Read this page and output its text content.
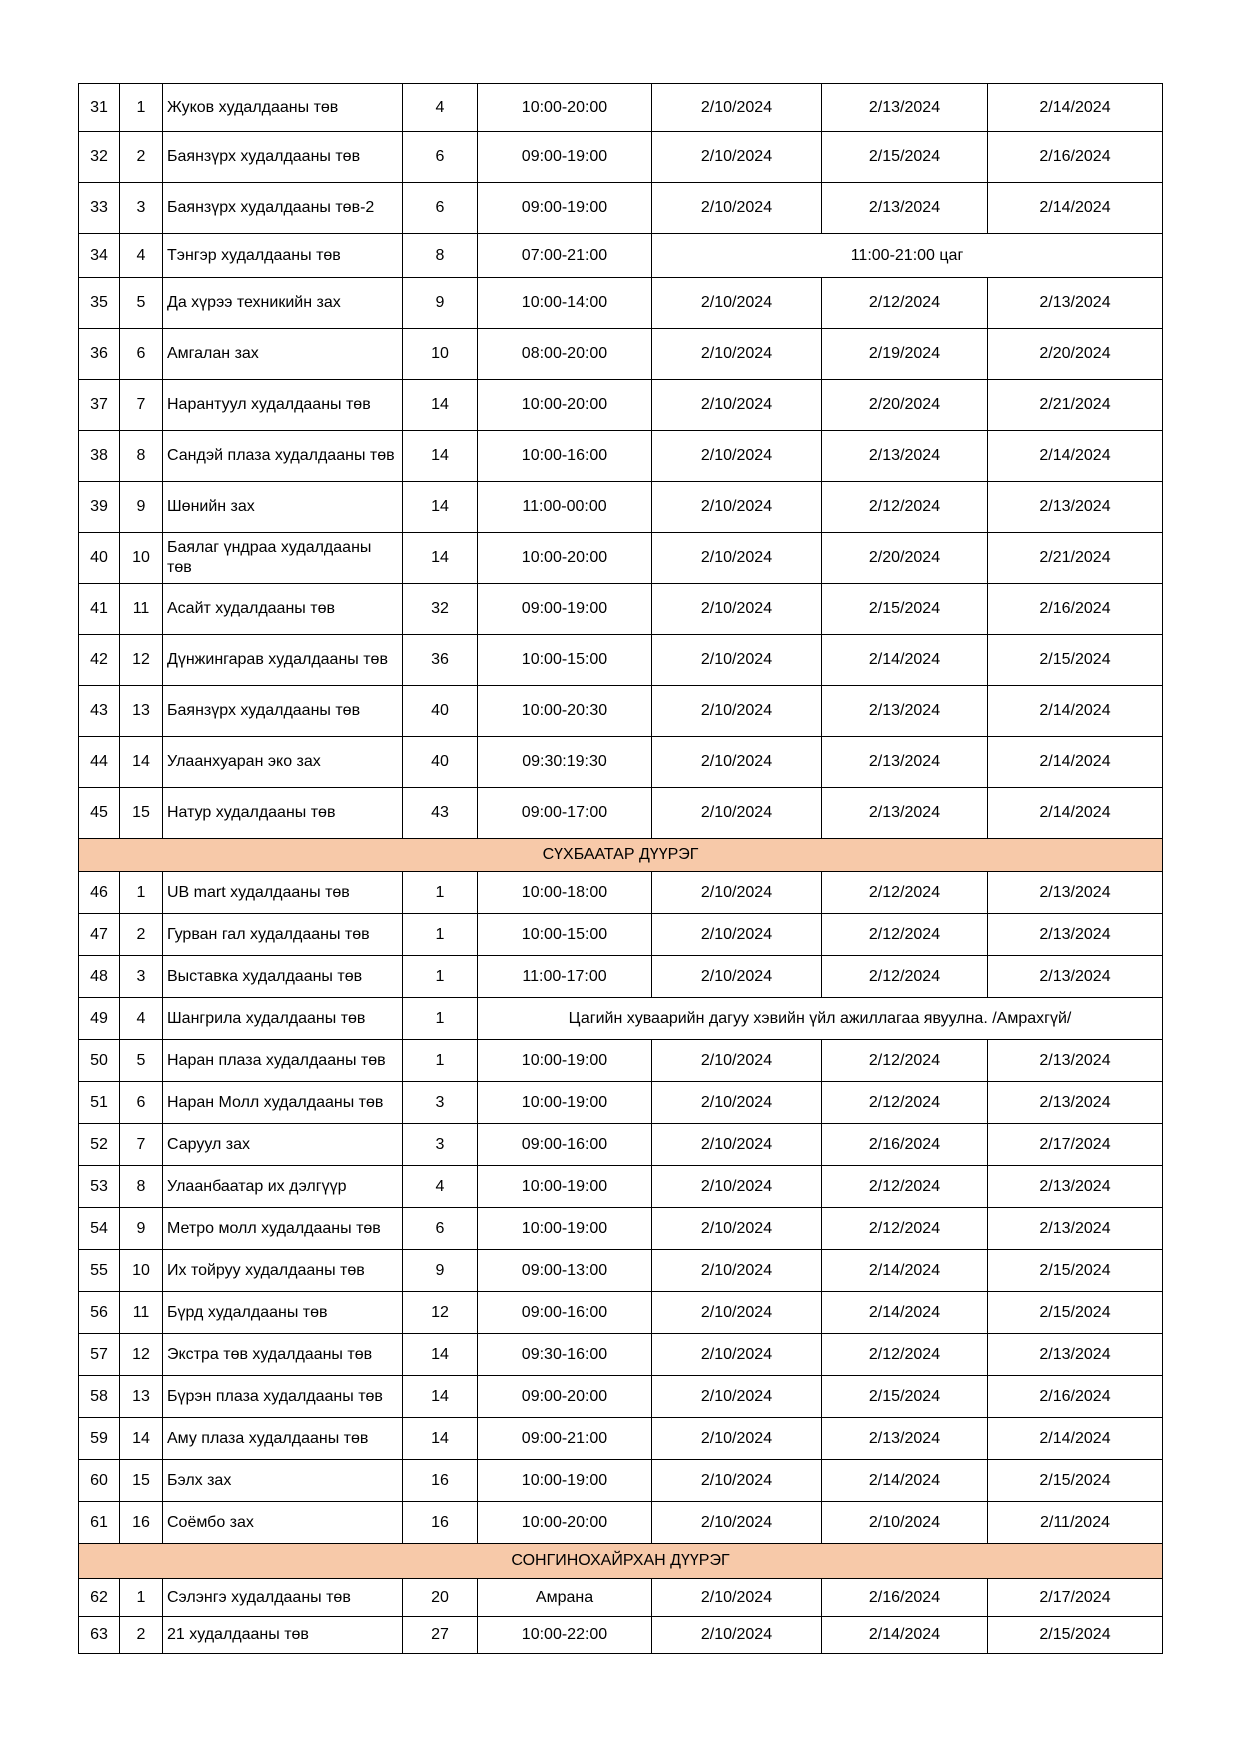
31	1	Жуков худалдааны төв	4	10:00-20:00	2/10/2024	2/13/2024	2/14/2024
32	2	Баянзүрх худалдааны төв	6	09:00-19:00	2/10/2024	2/15/2024	2/16/2024
33	3	Баянзүрх худалдааны төв-2	6	09:00-19:00	2/10/2024	2/13/2024	2/14/2024
34	4	Тэнгэр худалдааны төв	8	07:00-21:00	11:00-21:00 цаг		
35	5	Да хүрээ техникийн зах	9	10:00-14:00	2/10/2024	2/12/2024	2/13/2024
36	6	Амгалан зах	10	08:00-20:00	2/10/2024	2/19/2024	2/20/2024
37	7	Нарантуул худалдааны төв	14	10:00-20:00	2/10/2024	2/20/2024	2/21/2024
38	8	Сандэй плаза худалдааны төв	14	10:00-16:00	2/10/2024	2/13/2024	2/14/2024
39	9	Шөнийн зах	14	11:00-00:00	2/10/2024	2/12/2024	2/13/2024
40	10	Баялаг үндраа худалдааны төв	14	10:00-20:00	2/10/2024	2/20/2024	2/21/2024
41	11	Асайт худалдааны төв	32	09:00-19:00	2/10/2024	2/15/2024	2/16/2024
42	12	Дүнжингарав худалдааны төв	36	10:00-15:00	2/10/2024	2/14/2024	2/15/2024
43	13	Баянзүрх худалдааны төв	40	10:00-20:30	2/10/2024	2/13/2024	2/14/2024
44	14	Улаанхуаран эко зах	40	09:30:19:30	2/10/2024	2/13/2024	2/14/2024
45	15	Натур худалдааны төв	43	09:00-17:00	2/10/2024	2/13/2024	2/14/2024
СҮХБААТАР ДҮҮРЭГ							
46	1	UB mart худалдааны төв	1	10:00-18:00	2/10/2024	2/12/2024	2/13/2024
47	2	Гурван гал худалдааны төв	1	10:00-15:00	2/10/2024	2/12/2024	2/13/2024
48	3	Выставка худалдааны төв	1	11:00-17:00	2/10/2024	2/12/2024	2/13/2024
49	4	Шангрила худалдааны төв	1	Цагийн хуваарийн дагуу хэвийн үйл ажиллагаа явуулна. /Амрахгүй/			
50	5	Наран плаза худалдааны төв	1	10:00-19:00	2/10/2024	2/12/2024	2/13/2024
51	6	Наран Молл худалдааны төв	3	10:00-19:00	2/10/2024	2/12/2024	2/13/2024
52	7	Саруул зах	3	09:00-16:00	2/10/2024	2/16/2024	2/17/2024
53	8	Улаанбаатар их дэлгүүр	4	10:00-19:00	2/10/2024	2/12/2024	2/13/2024
54	9	Метро молл худалдааны төв	6	10:00-19:00	2/10/2024	2/12/2024	2/13/2024
55	10	Их тойруу худалдааны төв	9	09:00-13:00	2/10/2024	2/14/2024	2/15/2024
56	11	Бүрд худалдааны төв	12	09:00-16:00	2/10/2024	2/14/2024	2/15/2024
57	12	Экстра төв худалдааны төв	14	09:30-16:00	2/10/2024	2/12/2024	2/13/2024
58	13	Бүрэн плаза худалдааны төв	14	09:00-20:00	2/10/2024	2/15/2024	2/16/2024
59	14	Аму плаза худалдааны төв	14	09:00-21:00	2/10/2024	2/13/2024	2/14/2024
60	15	Бэлх зах	16	10:00-19:00	2/10/2024	2/14/2024	2/15/2024
61	16	Соёмбо зах	16	10:00-20:00	2/10/2024	2/10/2024	2/11/2024
СОНГИНОХАЙРХАН ДҮҮРЭГ							
62	1	Сэлэнгэ худалдааны төв	20	Амрана	2/10/2024	2/16/2024	2/17/2024
63	2	21 худалдааны төв	27	10:00-22:00	2/10/2024	2/14/2024	2/15/2024
